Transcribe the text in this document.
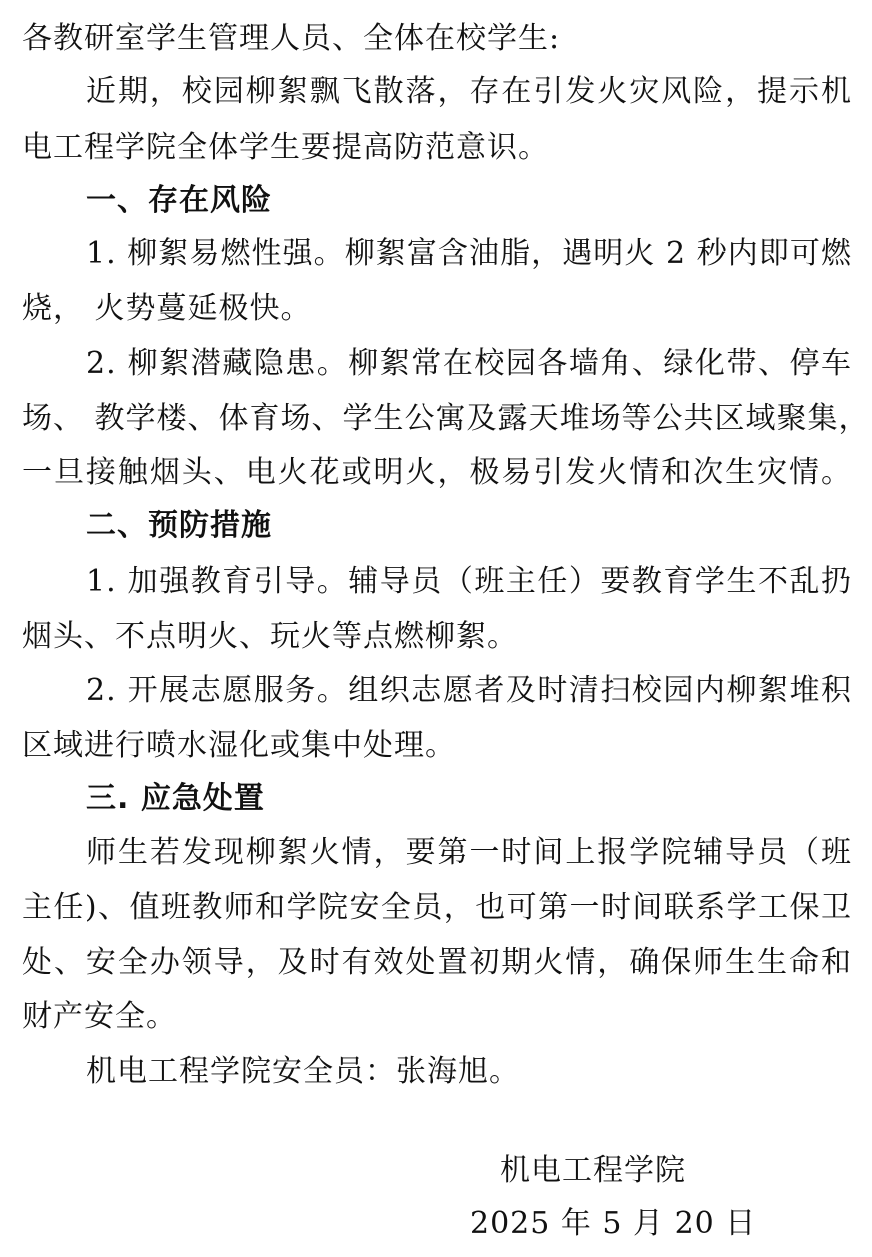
各教研室学生管理人员、全体在校学生:
近期，校园柳絮飘飞散落，存在引发火灾风险，提示机
电工程学院全体学生要提高防范意识。
一、存在风险
1. 柳絮易燃性强。柳絮富含油脂，遇明火 2 秒内即可燃
烧， 火势蔓延极快。
2. 柳絮潜藏隐患。柳絮常在校园各墙角、绿化带、停车
场、 教学楼、体育场、学生公寓及露天堆场等公共区域聚集，
一旦接触烟头、电火花或明火，极易引发火情和次生灾情。
二、预防措施
1. 加强教育引导。辅导员（班主任）要教育学生不乱扔
烟头、不点明火、玩火等点燃柳絮。
2. 开展志愿服务。组织志愿者及时清扫校园内柳絮堆积
区域进行喷水湿化或集中处理。
三. 应急处置
师生若发现柳絮火情，要第一时间上报学院辅导员（班
主任)、值班教师和学院安全员，也可第一时间联系学工保卫
处、安全办领导，及时有效处置初期火情，确保师生生命和
财产安全。
机电工程学院安全员：张海旭。
机电工程学院
2025 年 5 月 20 日
